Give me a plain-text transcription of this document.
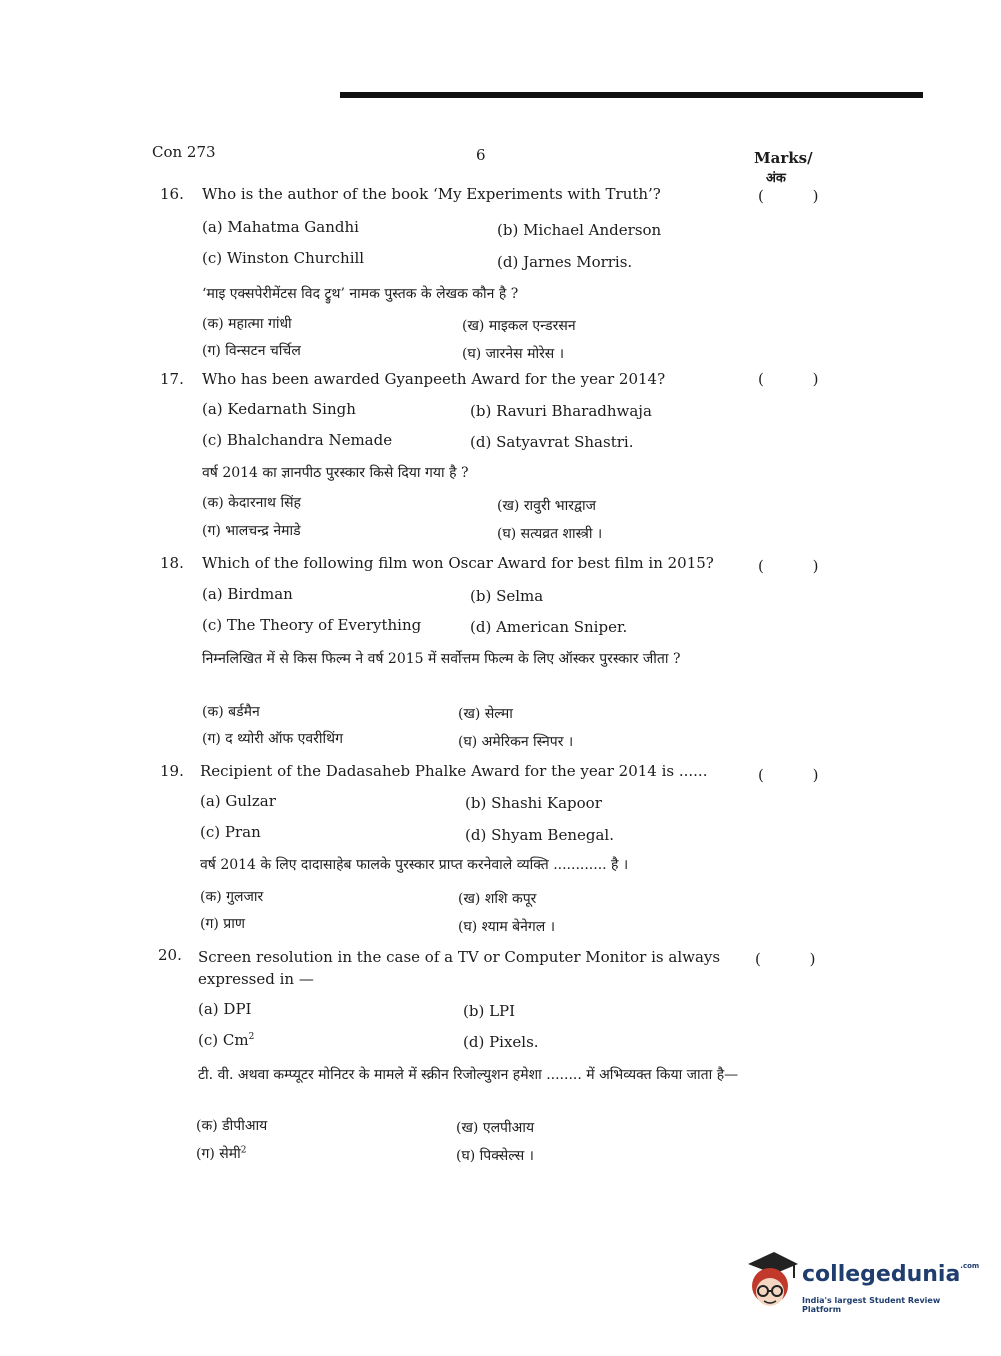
Con 273	6	Marks/
अंक
16. Who is the author of the book ‘My Experiments with Truth’?	( )
(a) Mahatma Gandhi	(b) Michael Anderson
(c) Winston Churchill	(d) Jarnes Morris.
‘माइ एक्सपेरीमेंटस विद ट्रुथ’ नामक पुस्तक के लेखक कौन है ?
(क) महात्मा गांधी	(ख) माइकल एन्डरसन
(ग) विन्सटन चर्चिल	(घ) जारनेस मोरेस ।
17. Who has been awarded Gyanpeeth Award for the year 2014?	( )
(a) Kedarnath Singh	(b) Ravuri Bharadhwaja
(c) Bhalchandra Nemade	(d) Satyavrat Shastri.
वर्ष 2014 का ज्ञानपीठ पुरस्कार किसे दिया गया है ?
(क) केदारनाथ सिंह	(ख) रावुरी भारद्वाज
(ग) भालचन्द्र नेमाडे	(घ) सत्यव्रत शास्त्री ।
18. Which of the following film won Oscar Award for best film in 2015?	( )
(a) Birdman	(b) Selma
(c) The Theory of Everything	(d) American Sniper.
निम्नलिखित में से किस फिल्म ने वर्ष 2015 में सर्वोत्तम फिल्म के लिए ऑस्कर पुरस्कार जीता ?
(क) बर्डमैन	(ख) सेल्मा
(ग) द थ्योरी ऑफ एवरीथिंग	(घ) अमेरिकन स्निपर ।
19. Recipient of the Dadasaheb Phalke Award for the year 2014 is ......	( )
(a) Gulzar	(b) Shashi Kapoor
(c) Pran	(d) Shyam Benegal.
वर्ष 2014 के लिए दादासाहेब फालके पुरस्कार प्राप्त करनेवाले व्यक्ति ............ है ।
(क) गुलजार	(ख) शशि कपूर
(ग) प्राण	(घ) श्याम बेनेगल ।
20. Screen resolution in the case of a TV or Computer Monitor is always expressed in —
( )
(a) DPI	(b) LPI
(c) Cm$^2$	(d) Pixels.
टी. वी. अथवा कम्प्यूटर मोनिटर के मामले में स्क्रीन रिजोल्युशन हमेशा ........ में अभिव्यक्त किया जाता है—
(क) डीपीआय	(ख) एलपीआय
(ग) सेमी$^2$	(घ) पिक्सेल्स ।
collegedunia$^{.com}$
India's largest Student Review Platform
